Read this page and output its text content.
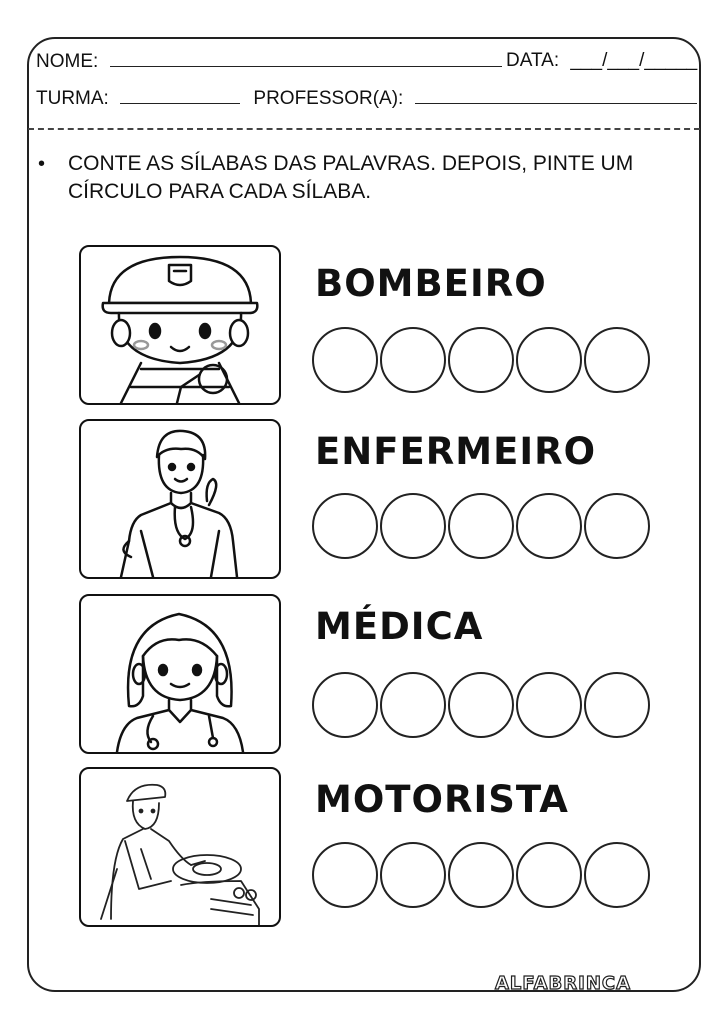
NOME:	DATA: ___/___/_____
TURMA:	PROFESSOR(A):
• CONTE AS SÍLABAS DAS PALAVRAS. DEPOIS, PINTE UM CÍRCULO PARA CADA SÍLABA.
BOMBEIRO
ENFERMEIRO
MÉDICA
MOTORISTA
ALFABRINCA
